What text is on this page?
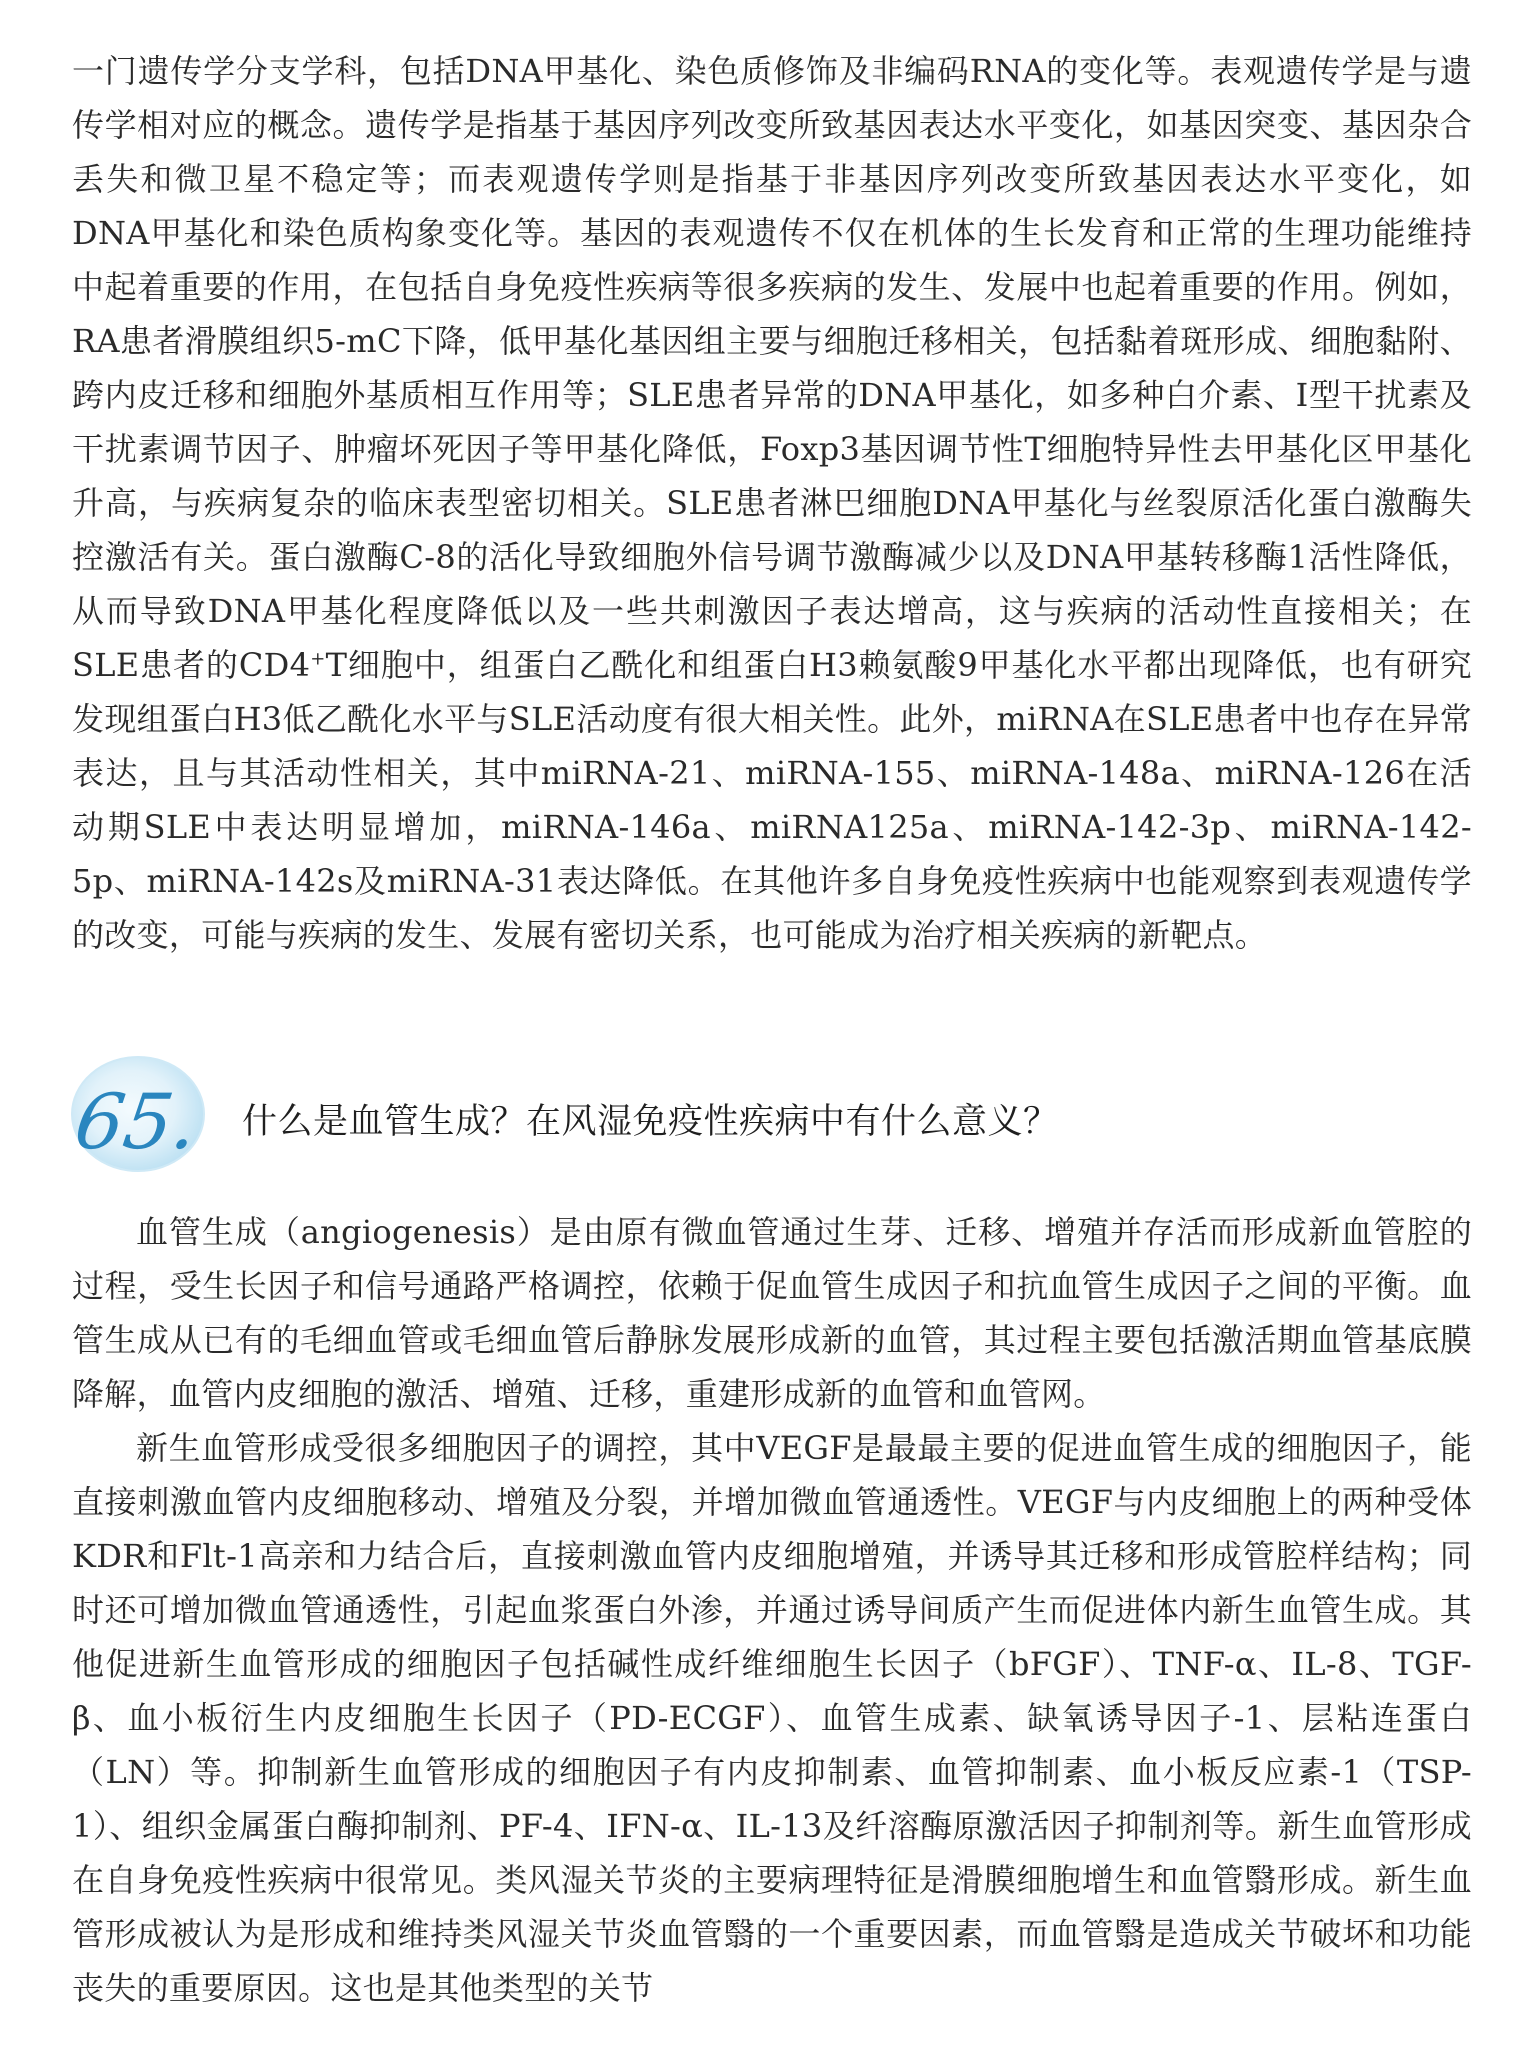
一门遗传学分支学科，包括DNA甲基化、染色质修饰及非编码RNA的变化等。表观遗传学是与遗传学相对应的概念。遗传学是指基于基因序列改变所致基因表达水平变化，如基因突变、基因杂合丢失和微卫星不稳定等；而表观遗传学则是指基于非基因序列改变所致基因表达水平变化，如DNA甲基化和染色质构象变化等。基因的表观遗传不仅在机体的生长发育和正常的生理功能维持中起着重要的作用，在包括自身免疫性疾病等很多疾病的发生、发展中也起着重要的作用。例如，RA患者滑膜组织5-mC下降，低甲基化基因组主要与细胞迁移相关，包括黏着斑形成、细胞黏附、跨内皮迁移和细胞外基质相互作用等；SLE患者异常的DNA甲基化，如多种白介素、Ⅰ型干扰素及干扰素调节因子、肿瘤坏死因子等甲基化降低，Foxp3基因调节性T细胞特异性去甲基化区甲基化升高，与疾病复杂的临床表型密切相关。SLE患者淋巴细胞DNA甲基化与丝裂原活化蛋白激酶失控激活有关。蛋白激酶C-8的活化导致细胞外信号调节激酶减少以及DNA甲基转移酶1活性降低，从而导致DNA甲基化程度降低以及一些共刺激因子表达增高，这与疾病的活动性直接相关；在SLE患者的CD4+T细胞中，组蛋白乙酰化和组蛋白H3赖氨酸9甲基化水平都出现降低，也有研究发现组蛋白H3低乙酰化水平与SLE活动度有很大相关性。此外，miRNA在SLE患者中也存在异常表达，且与其活动性相关，其中miRNA-21、miRNA-155、miRNA-148a、miRNA-126在活动期SLE中表达明显增加，miRNA-146a、miRNA125a、miRNA-142-3p、miRNA-142-5p、miRNA-142s及miRNA-31表达降低。在其他许多自身免疫性疾病中也能观察到表观遗传学的改变，可能与疾病的发生、发展有密切关系，也可能成为治疗相关疾病的新靶点。

65. 什么是血管生成？在风湿免疫性疾病中有什么意义？

血管生成（angiogenesis）是由原有微血管通过生芽、迁移、增殖并存活而形成新血管腔的过程，受生长因子和信号通路严格调控，依赖于促血管生成因子和抗血管生成因子之间的平衡。血管生成从已有的毛细血管或毛细血管后静脉发展形成新的血管，其过程主要包括激活期血管基底膜降解，血管内皮细胞的激活、增殖、迁移，重建形成新的血管和血管网。

新生血管形成受很多细胞因子的调控，其中VEGF是最最主要的促进血管生成的细胞因子，能直接刺激血管内皮细胞移动、增殖及分裂，并增加微血管通透性。VEGF与内皮细胞上的两种受体KDR和Flt-1高亲和力结合后，直接刺激血管内皮细胞增殖，并诱导其迁移和形成管腔样结构；同时还可增加微血管通透性，引起血浆蛋白外渗，并通过诱导间质产生而促进体内新生血管生成。其他促进新生血管形成的细胞因子包括碱性成纤维细胞生长因子（bFGF）、TNF-α、IL-8、TGF-β、血小板衍生内皮细胞生长因子（PD-ECGF）、血管生成素、缺氧诱导因子-1、层粘连蛋白（LN）等。抑制新生血管形成的细胞因子有内皮抑制素、血管抑制素、血小板反应素-1（TSP-1）、组织金属蛋白酶抑制剂、PF-4、IFN-α、IL-13及纤溶酶原激活因子抑制剂等。新生血管形成在自身免疫性疾病中很常见。类风湿关节炎的主要病理特征是滑膜细胞增生和血管翳形成。新生血管形成被认为是形成和维持类风湿关节炎血管翳的一个重要因素，而血管翳是造成关节破坏和功能丧失的重要原因。这也是其他类型的关节
